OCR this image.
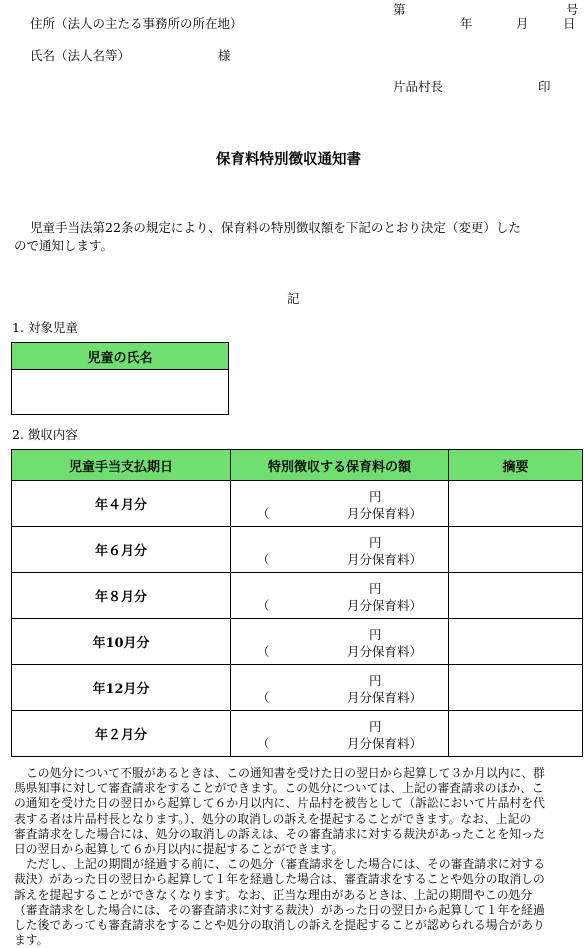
第	号
住所（法人の主たる事務所の所在地）	年	月	日
氏名（法人名等）	様
片品村長	印
保育料特別徴収通知書
児童手当法第22条の規定により、保育料の特別徴収額を下記のとおり決定（変更）した
ので通知します。
記
1. 対象児童
児童の氏名

2. 徴収内容
児童手当支払期日	特別徴収する保育料の額	摘要
年４月分	円
（ 月分保育料）	

年６月分	円
（ 月分保育料）	

年８月分	円
（ 月分保育料）	

年10月分	円
（ 月分保育料）	

年12月分	円
（ 月分保育料）	

年２月分	円
（ 月分保育料）	

この処分について不服があるときは、この通知書を受けた日の翌日から起算して３か月以内に、群
馬県知事に対して審査請求をすることができます。この処分については、上記の審査請求のほか、こ
の通知を受けた日の翌日から起算して６か月以内に、片品村を被告として（訴訟において片品村を代
表する者は片品村長となります。）、処分の取消しの訴えを提起することができます。なお、上記の
審査請求をした場合には、処分の取消しの訴えは、その審査請求に対する裁決があったことを知った
日の翌日から起算して６か月以内に提起することができます。
ただし、上記の期間が経過する前に、この処分（審査請求をした場合には、その審査請求に対する
裁決）があった日の翌日から起算して１年を経過した場合は、審査請求をすることや処分の取消しの
訴えを提起することができなくなります。なお、正当な理由があるときは、上記の期間やこの処分
（審査請求をした場合には、その審査請求に対する裁決）があった日の翌日から起算して１年を経過
した後であっても審査請求をすることや処分の取消しの訴えを提起することが認められる場合があり
ます。
